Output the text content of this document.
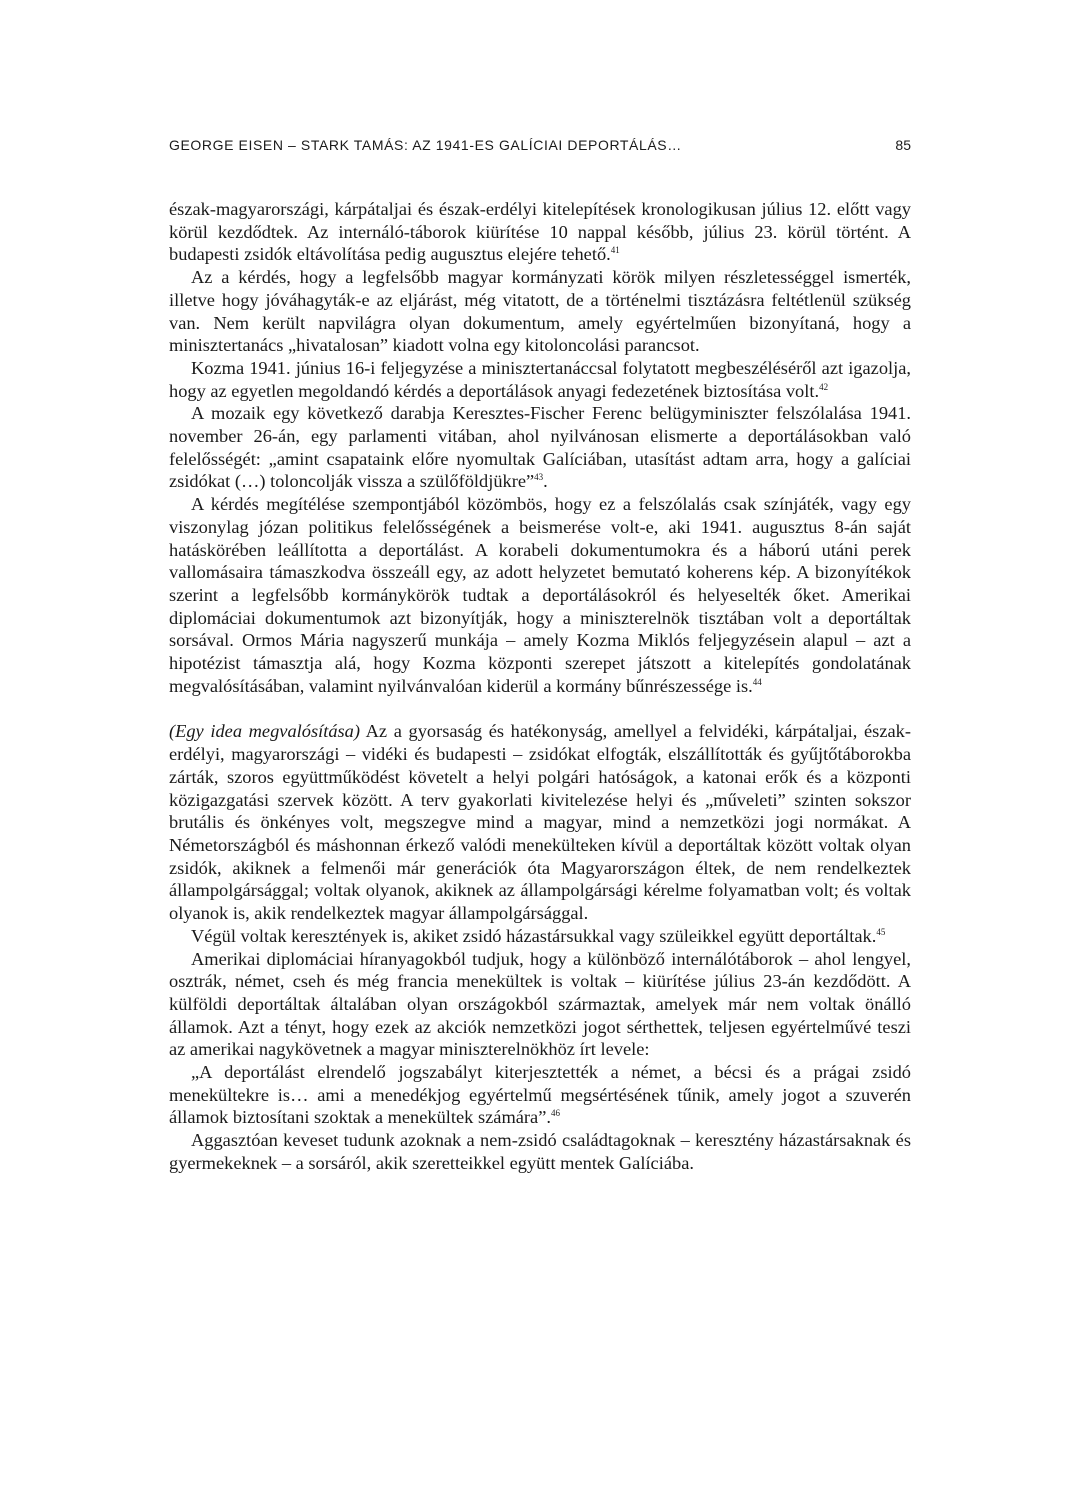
GEORGE EISEN – STARK TAMÁS: AZ 1941-ES GALÍCIAI DEPORTÁLÁS…	85

észak-magyarországi, kárpátaljai és észak-erdélyi kitelepítések kronologikusan július 12. előtt vagy körül kezdődtek. Az internáló-táborok kiürítése 10 nappal később, július 23. körül történt. A budapesti zsidók eltávolítása pedig augusztus elejére tehető.$^{41}$

Az a kérdés, hogy a legfelsőbb magyar kormányzati körök milyen részletességgel ismerték, illetve hogy jóváhagyták-e az eljárást, még vitatott, de a történelmi tisztázásra feltétlenül szükség van. Nem került napvilágra olyan dokumentum, amely egyértelműen bizonyítaná, hogy a minisztertanács „hivatalosan” kiadott volna egy kitoloncolási parancsot.

Kozma 1941. június 16-i feljegyzése a minisztertanáccsal folytatott megbeszéléséről azt igazolja, hogy az egyetlen megoldandó kérdés a deportálások anyagi fedezetének biztosítása volt.$^{42}$

A mozaik egy következő darabja Keresztes-Fischer Ferenc belügyminiszter felszólalása 1941. november 26-án, egy parlamenti vitában, ahol nyilvánosan elismerte a deportálásokban való felelősségét: „amint csapataink előre nyomultak Galíciában, utasítást adtam arra, hogy a galíciai zsidókat (…) toloncolják vissza a szülőföldjükre”$^{43}$.

A kérdés megítélése szempontjából közömbös, hogy ez a felszólalás csak színjáték, vagy egy viszonylag józan politikus felelősségének a beismerése volt-e, aki 1941. augusztus 8-án saját hatáskörében leállította a deportálást. A korabeli dokumentumokra és a háború utáni perek vallomásaira támaszkodva összeáll egy, az adott helyzetet bemutató koherens kép. A bizonyítékok szerint a legfelsőbb kormánykörök tudtak a deportálásokról és helyeselték őket. Amerikai diplomáciai dokumentumok azt bizonyítják, hogy a miniszterelnök tisztában volt a deportáltak sorsával. Ormos Mária nagyszerű munkája – amely Kozma Miklós feljegyzésein alapul – azt a hipotézist támasztja alá, hogy Kozma központi szerepet játszott a kitelepítés gondolatának megvalósításában, valamint nyilvánvalóan kiderül a kormány bűnrészessége is.$^{44}$

(Egy idea megvalósítása) Az a gyorsaság és hatékonyság, amellyel a felvidéki, kárpátaljai, észak-erdélyi, magyarországi – vidéki és budapesti – zsidókat elfogták, elszállították és gyűjtőtáborokba zárták, szoros együttműködést követelt a helyi polgári hatóságok, a katonai erők és a központi közigazgatási szervek között. A terv gyakorlati kivitelezése helyi és „műveleti” szinten sokszor brutális és önkényes volt, megszegve mind a magyar, mind a nemzetközi jogi normákat. A Németországból és máshonnan érkező valódi menekülteken kívül a deportáltak között voltak olyan zsidók, akiknek a felmenői már generációk óta Magyarországon éltek, de nem rendelkeztek állampolgársággal; voltak olyanok, akiknek az állampolgársági kérelme folyamatban volt; és voltak olyanok is, akik rendelkeztek magyar állampolgársággal.

Végül voltak keresztények is, akiket zsidó házastársukkal vagy szüleikkel együtt deportáltak.$^{45}$

Amerikai diplomáciai híranyagokból tudjuk, hogy a különböző internálótáborok – ahol lengyel, osztrák, német, cseh és még francia menekültek is voltak – kiürítése július 23-án kezdődött. A külföldi deportáltak általában olyan országokból származtak, amelyek már nem voltak önálló államok. Azt a tényt, hogy ezek az akciók nemzetközi jogot sérthettek, teljesen egyértelművé teszi az amerikai nagykövetnek a magyar miniszterelnökhöz írt levele:

„A deportálást elrendelő jogszabályt kiterjesztették a német, a bécsi és a prágai zsidó menekültekre is… ami a menedékjog egyértelmű megsértésének tűnik, amely jogot a szuverén államok biztosítani szoktak a menekültek számára”.$^{46}$

Aggasztóan keveset tudunk azoknak a nem-zsidó családtagoknak – keresztény házastársaknak és gyermekeknek – a sorsáról, akik szeretteikkel együtt mentek Galíciába.
